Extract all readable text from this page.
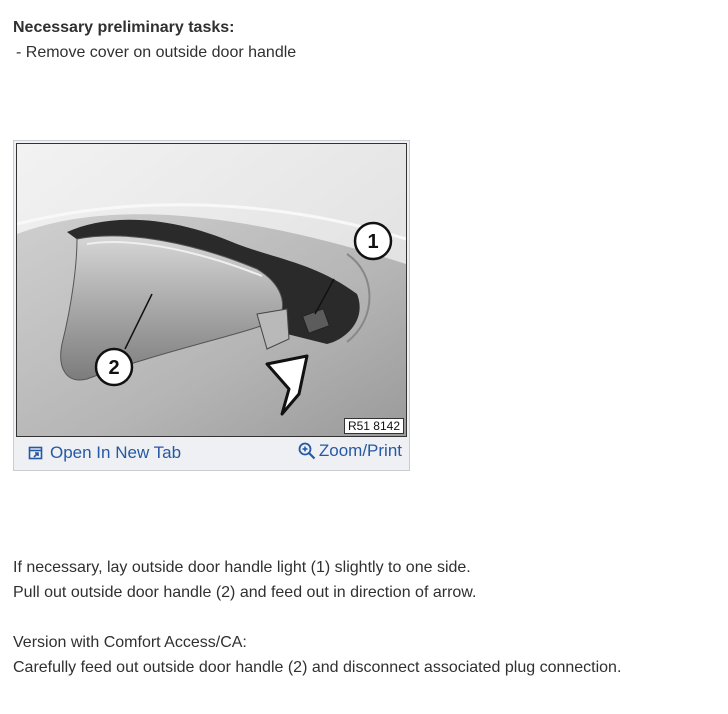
Necessary preliminary tasks:
- Remove cover on outside door handle
1
2
R51 8142
Open In New Tab	Zoom/Print
If necessary, lay outside door handle light (1) slightly to one side.
Pull out outside door handle (2) and feed out in direction of arrow.
Version with Comfort Access/CA:
Carefully feed out outside door handle (2) and disconnect associated plug connection.
